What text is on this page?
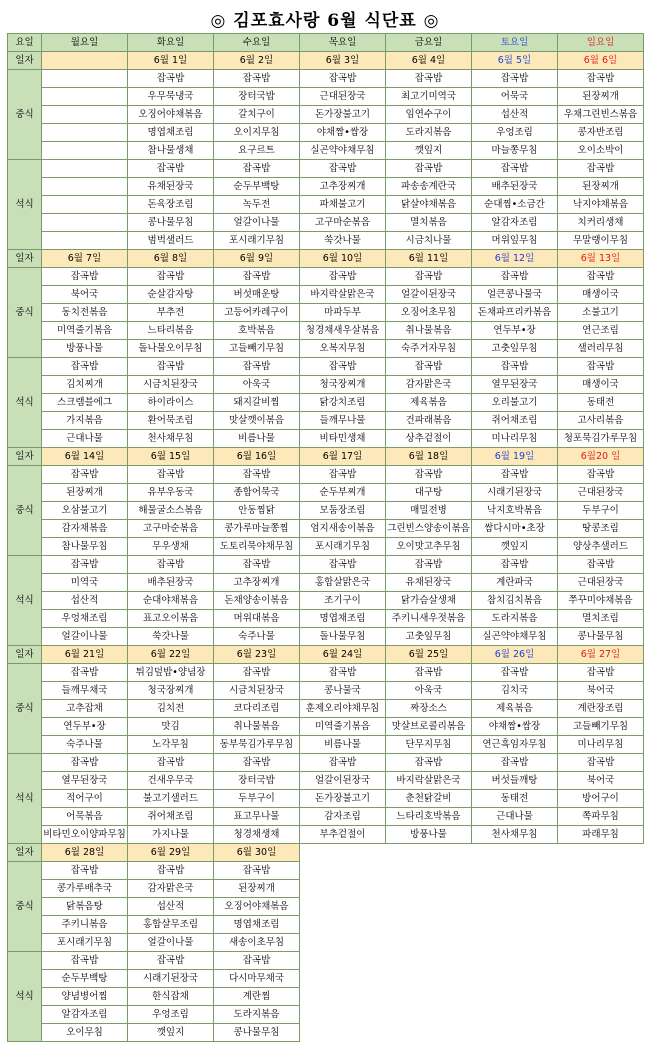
◎ 김포효사랑 6월 식단표 ◎
요일	월요일	화요일	수요일	목요일	금요일	토요일	일요일
일자		6월 1일	6월 2일	6월 3일	6월 4일	6월 5일	6월 6일
중식		잡곡밥	잡곡밥	잡곡밥	잡곡밥	잡곡밥	잡곡밥
		우무묵냉국	장터국밥	근대된장국	최고기미역국	어묵국	된장찌개
		오징어야채볶음	갈치구이	돈가장불고기	임연수구이	섭산적	우채그린빈스볶음
		명엽채조림	오이지무침	야채짬•쌈장	도라지볶음	우엉조림	콩자반조림
		참나물생채	요구르트	실곤약야채무침	깻잎지	마늘쫑무침	오이소박이
석식		잡곡밥	잡곡밥	잡곡밥	잡곡밥	잡곡밥	잡곡밥
		유채된장국	순두부백탕	고추장찌개	파송송계란국	배추된장국	된장찌개
		돈육장조림	녹두전	파채불고기	닭살야채볶음	순대찜•소금간	낙지야채볶음
		콩나물무침	얼갈이나물	고구마순볶음	멸치볶음	알감자조림	치커리생채
		범벅샐러드	포시래기무침	쑥갓나물	시금치나물	머위잎무침	무말랭이무침
일자	6월 7일	6월 8일	6월 9일	6월 10일	6월 11일	6월 12일	6월 13일
중식	잡곡밥	잡곡밥	잡곡밥	잡곡밥	잡곡밥	잡곡밥	잡곡밥
	북어국	순살감자탕	버섯매운탕	바지락살맑은국	얼갈이된장국	얼큰콩나물국	매생이국
	동치전볶음	부추전	고등어카레구이	마파두부	오징어초무침	돈채파프리카볶음	소불고기
	미역줄기볶음	느타리볶음	호박볶음	청경채새우살볶음	취나물볶음	연두부•장	연근조림
	방풍나물	돌나물오이무침	고들빼기무침	오복지무침	숙주거자무침	고춧잎무침	샐러리무침
석식	잡곡밥	잡곡밥	잡곡밥	잡곡밥	잡곡밥	잡곡밥	잡곡밥
	김치찌개	시금치된장국	아욱국	청국장찌개	감자맑은국	열무된장국	매생이국
	스크램블에그	하이라이스	돼지갈비찜	닭강치조림	제육볶음	오리불고기	동태전
	가지볶음	환어묵조림	맛살깻이볶음	들깨무나물	건파래볶음	쥐어채조림	고사리볶음
	근대나물	천사채무침	비름나물	비타민생채	상추겉절이	미나리무침	청포묵김가루무침
일자	6월 14일	6월 15일	6월 16일	6월 17일	6월 18일	6월 19일	6월20 일
중식	잡곡밥	잡곡밥	잡곡밥	잡곡밥	잡곡밥	잡곡밥	잡곡밥
	된장찌개	유부우동국	종합어묵국	순두부찌개	대구탕	시래기된장국	근대된장국
	오삼불고기	해물굴소스볶음	안동찜닭	모둠장조림	매밀전병	낙지호박볶음	두부구이
	감자채볶음	고구마순볶음	콩가루마늘쫑찜	엄지새송이볶음	그린빈스양송이볶음	쌈다시마•초장	땅콩조림
	참나물무침	무우생채	도토리묵야채무침	포시래기무침	오이맛고추무침	깻잎지	양상추샐러드
석식	잡곡밥	잡곡밥	잡곡밥	잡곡밥	잡곡밥	잡곡밥	잡곡밥
	미역국	배추된장국	고추장찌개	홍합살맑은국	유채된장국	계란파국	근대된장국
	섭산적	순대야채볶음	돈채양송이볶음	조기구이	닭가슴살생채	참치김치볶음	쭈꾸미야채볶음
	우엉채조림	표고오이볶음	머위대볶음	명엽채조림	주키니새우젓볶음	도라지볶음	멸치조림
	얼갈이나물	쑥갓나물	숙주나물	돌나물무침	고춧잎무침	실곤약야채무침	콩나물무침
일자	6월 21일	6월 22일	6월 23일	6월 24일	6월 25일	6월 26일	6월 27일
중식	잡곡밥	튀김덮밥•양념장	잡곡밥	잡곡밥	잡곡밥	잡곡밥	잡곡밥
	들깨무채국	청국장찌개	시금치된장국	콩나물국	아욱국	김치국	북어국
	고추잡채	김치전	코다리조림	훈제오리야채무침	짜장소스	제육볶음	계란장조림
	연두부•장	맛김	취나물볶음	미역줄기볶음	맛살브로콜리볶음	야채짬•쌈장	고들빼기무침
	숙주나물	노각무침	동부묵김가루무침	비름나물	단무지무침	연근흑임자무침	미나리무침
석식	잡곡밥	잡곡밥	잡곡밥	잡곡밥	잡곡밥	잡곡밥	잡곡밥
	열무된장국	건새우무국	장터국밥	얼갈이된장국	바지락살맑은국	버섯들깨탕	북어국
	적어구이	불고기샐러드	두부구이	돈가장불고기	춘천닭갈비	동태전	방어구이
	어묵볶음	쥐어채조림	표고무나물	감자조림	느타리호박볶음	근대나물	쪽파무침
	비타민오이양파무침	가지나물	청경채생채	부추겉절이	방풍나물	천사채무침	파래무침
일자	6월 28일	6월 29일	6월 30일				
중식	잡곡밥	잡곡밥	잡곡밥				
	콩가루배추국	감자맑은국	된장찌개				
	닭볶음탕	섭산적	오징어야채볶음				
	주키니볶음	홍합살무조림	명엽채조림				
	포시래기무침	얼갈이나물	새송이초무침				
석식	잡곡밥	잡곡밥	잡곡밥				
	순두부백탕	시래기된장국	다시마무채국				
	양념병어찜	한식잡채	계란찜				
	알감자조림	우엉조림	도라지볶음				
	오이무침	깻잎지	콩나물무침				
